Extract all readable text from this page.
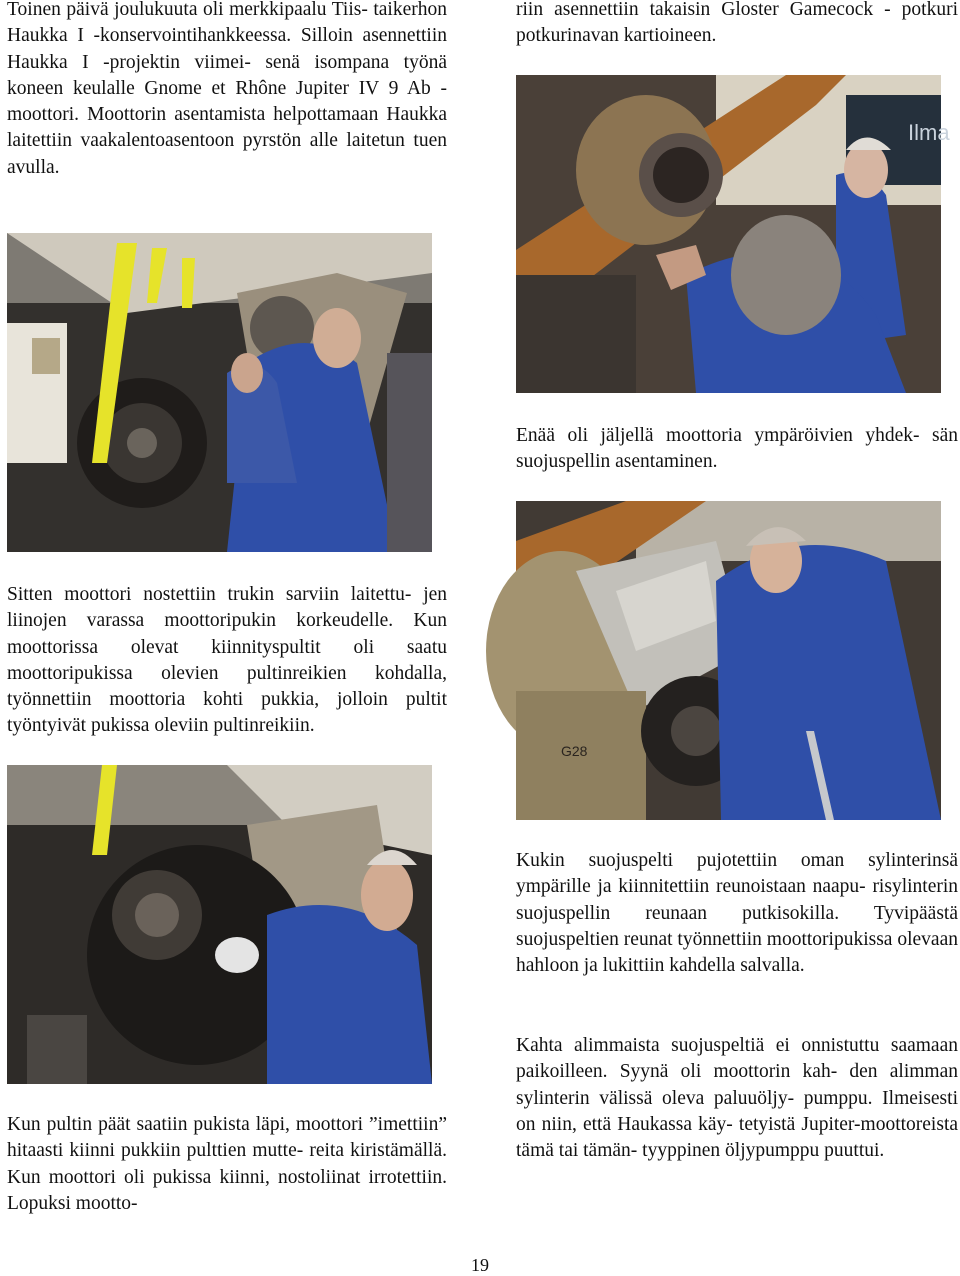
Toinen päivä joulukuuta oli merkkipaalu Tiis- taikerhon Haukka I -konservointihankkeessa. Silloin asennettiin Haukka I -projektin viimei- senä isompana työnä koneen keulalle Gnome et Rhône Jupiter IV 9 Ab -moottori. Moottorin asentamista helpottamaan Haukka laitettiin vaakalentoasentoon pyrstön alle laitetun tuen avulla.

riin asennettiin takaisin Gloster Gamecock - potkuri potkurinavan kartioineen.

Ilma

Enää oli jäljellä moottoria ympäröivien yhdek- sän suojuspellin asentaminen.

G28

Sitten moottori nostettiin trukin sarviin laitettu- jen liinojen varassa moottoripukin korkeudelle. Kun moottorissa olevat kiinnityspultit oli saatu moottoripukissa olevien pultinreikien kohdalla, työnnettiin moottoria kohti pukkia, jolloin pultit työntyivät pukissa oleviin pultinreikiin.

Kukin suojuspelti pujotettiin oman sylinterinsä ympärille ja kiinnitettiin reunoistaan naapu- risylinterin suojuspellin reunaan putkisokilla. Tyvipäästä suojuspeltien reunat työnnettiin moottoripukissa olevaan hahloon ja lukittiin kahdella salvalla.

Kahta alimmaista suojuspeltiä ei onnistuttu saamaan paikoilleen. Syynä oli moottorin kah- den alimman sylinterin välissä oleva paluuöljy- pumppu. Ilmeisesti on niin, että Haukassa käy- tetyistä Jupiter-moottoreista tämä tai tämän- tyyppinen öljypumppu puuttui.

Kun pultin päät saatiin pukista läpi, moottori ”imettiin” hitaasti kiinni pukkiin pulttien mutte- reita kiristämällä. Kun moottori oli pukissa kiinni, nostoliinat irrotettiin. Lopuksi mootto-

19
